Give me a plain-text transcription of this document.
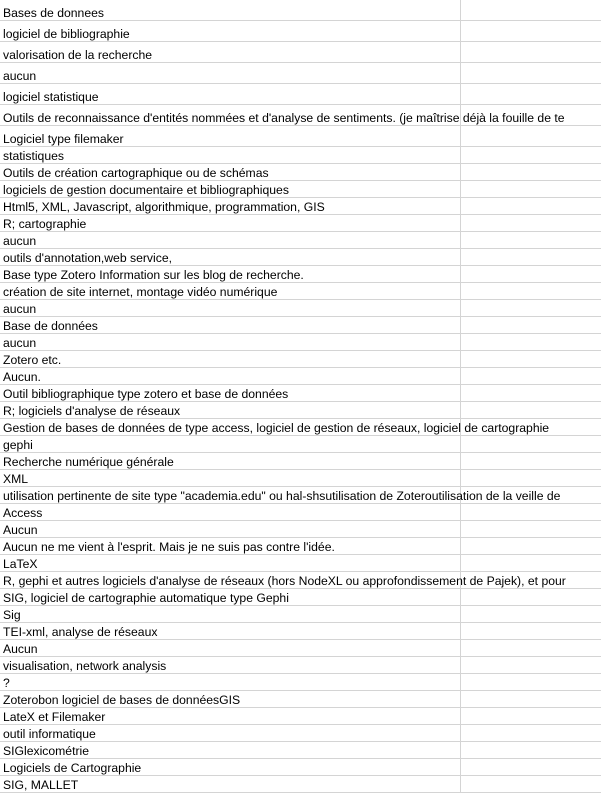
Bases de donnees
logiciel de bibliographie
valorisation de la recherche
aucun
logiciel statistique
Outils de reconnaissance d'entités nommées et d'analyse de sentiments. (je maîtrise déjà la fouille de te
Logiciel type filemaker
statistiques
Outils de création cartographique ou de schémas
logiciels de gestion documentaire et bibliographiques
Html5, XML, Javascript, algorithmique, programmation, GIS
R; cartographie
aucun
outils d'annotation,web service,
Base type Zotero Information sur les blog de recherche.
création de site internet, montage vidéo numérique
aucun
Base de données
aucun
Zotero etc.
Aucun.
Outil bibliographique type zotero et base de données
R; logiciels d'analyse de réseaux
Gestion de bases de données de type access, logiciel de gestion de réseaux, logiciel de cartographie
gephi
Recherche numérique générale
XML
utilisation pertinente de site type "academia.edu" ou hal-shsutilisation de Zoteroutilisation de la veille de
Access
Aucun
Aucun ne me vient à l'esprit. Mais je ne suis pas contre l'idée.
LaTeX
R, gephi et autres logiciels d'analyse de réseaux (hors NodeXL ou approfondissement de Pajek), et pour
SIG, logiciel de cartographie automatique type Gephi
Sig
TEI-xml, analyse de réseaux
Aucun
visualisation, network analysis
?
Zoterobon logiciel de bases de donnéesGIS
LateX et Filemaker
outil informatique
SIGlexicométrie
Logiciels de Cartographie
SIG, MALLET
